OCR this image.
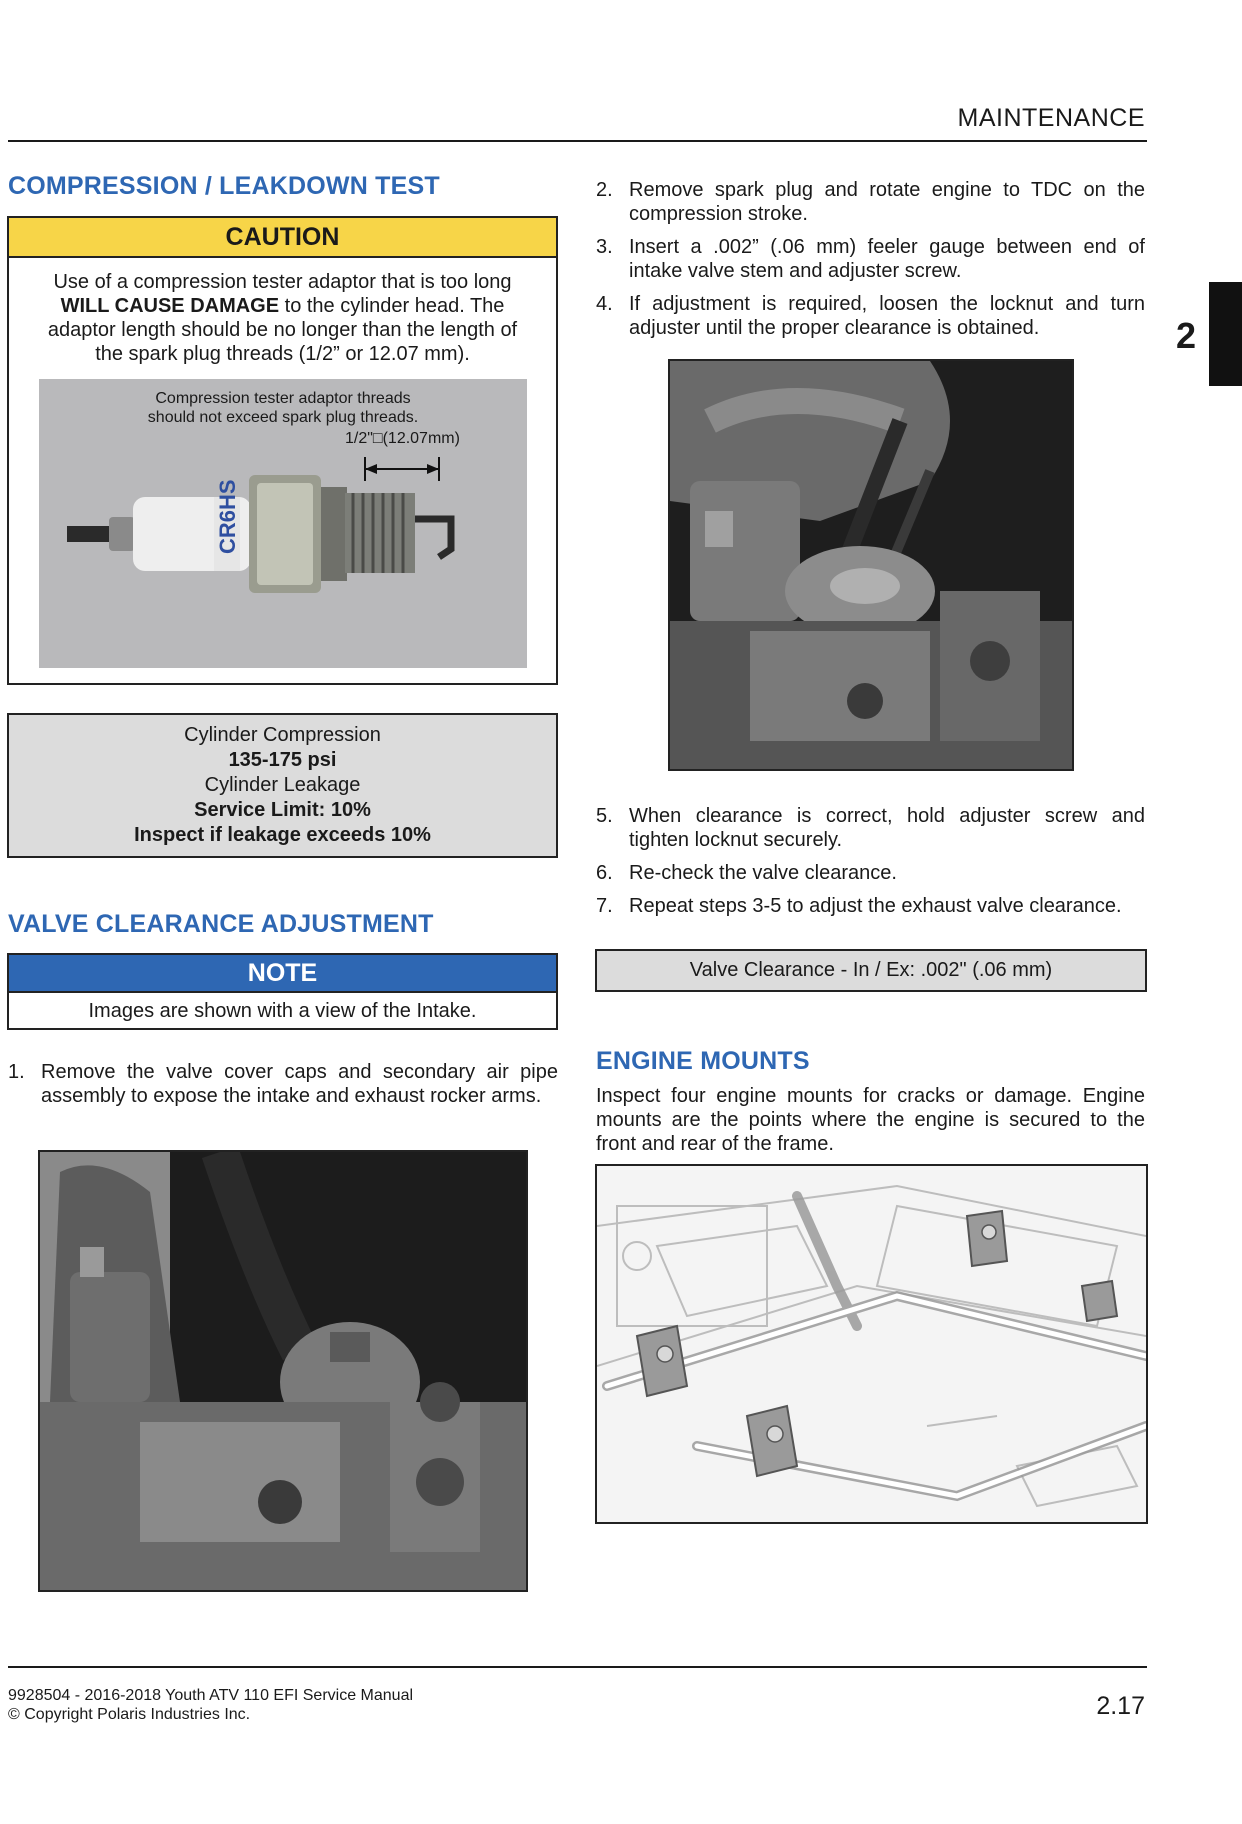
MAINTENANCE
2
COMPRESSION / LEAKDOWN TEST
CAUTION
Use of a compression tester adaptor that is too long
WILL CAUSE DAMAGE to the cylinder head. The
adaptor length should be no longer than the length of
the spark plug threads (1/2” or 12.07 mm).
Compression tester adaptor threads
should not exceed spark plug threads.
1/2"□(12.07mm)
CR6HS
Cylinder Compression
135-175 psi
Cylinder Leakage
Service Limit: 10%
Inspect if leakage exceeds 10%
VALVE CLEARANCE ADJUSTMENT
NOTE
Images are shown with a view of the Intake.
1. Remove the valve cover caps and secondary air pipe assembly to expose the intake and exhaust rocker arms.
2. Remove spark plug and rotate engine to TDC on the compression stroke.
3. Insert a .002” (.06 mm) feeler gauge between end of intake valve stem and adjuster screw.
4. If adjustment is required, loosen the locknut and turn adjuster until the proper clearance is obtained.
5. When clearance is correct, hold adjuster screw and tighten locknut securely.
6. Re-check the valve clearance.
7. Repeat steps 3-5 to adjust the exhaust valve clearance.
Valve Clearance - In / Ex: .002" (.06 mm)
ENGINE MOUNTS
Inspect four engine mounts for cracks or damage. Engine mounts are the points where the engine is secured to the front and rear of the frame.
9928504 - 2016-2018 Youth ATV 110 EFI Service Manual
© Copyright Polaris Industries Inc.	2.17
